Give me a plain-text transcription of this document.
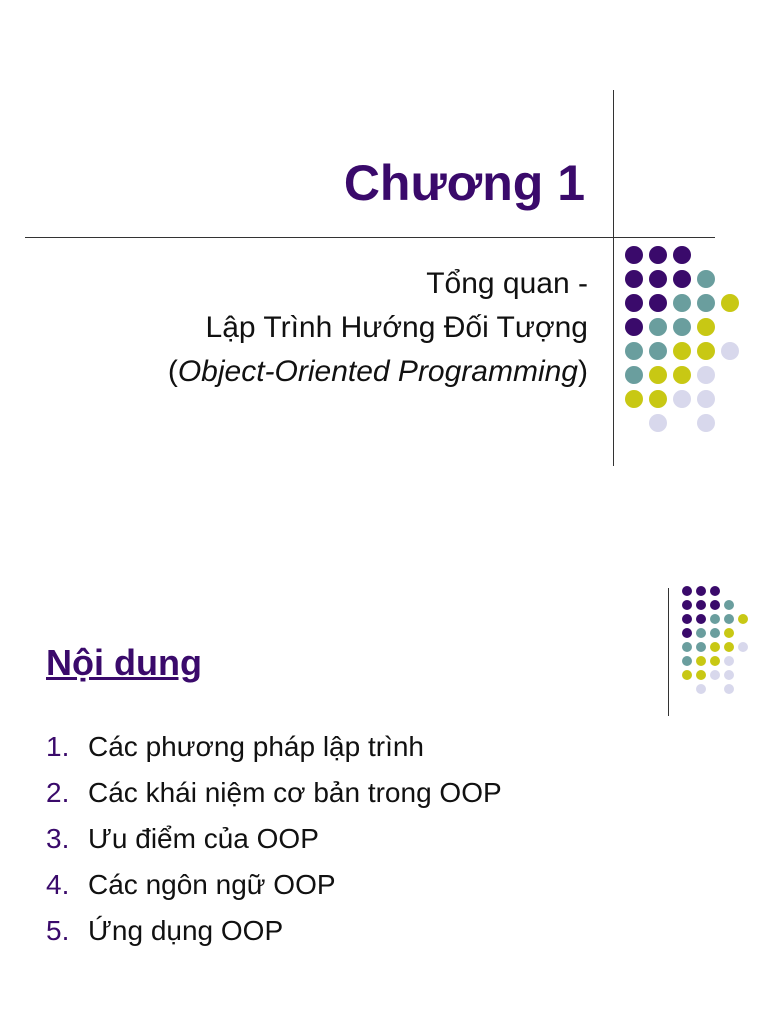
Chương 1
Tổng quan -
Lập Trình Hướng Đối Tượng
(Object-Oriented Programming)
Nội dung
1. Các phương pháp lập trình
2. Các khái niệm cơ bản trong OOP
3. Ưu điểm của OOP
4. Các ngôn ngữ OOP
5. Ứng dụng OOP
